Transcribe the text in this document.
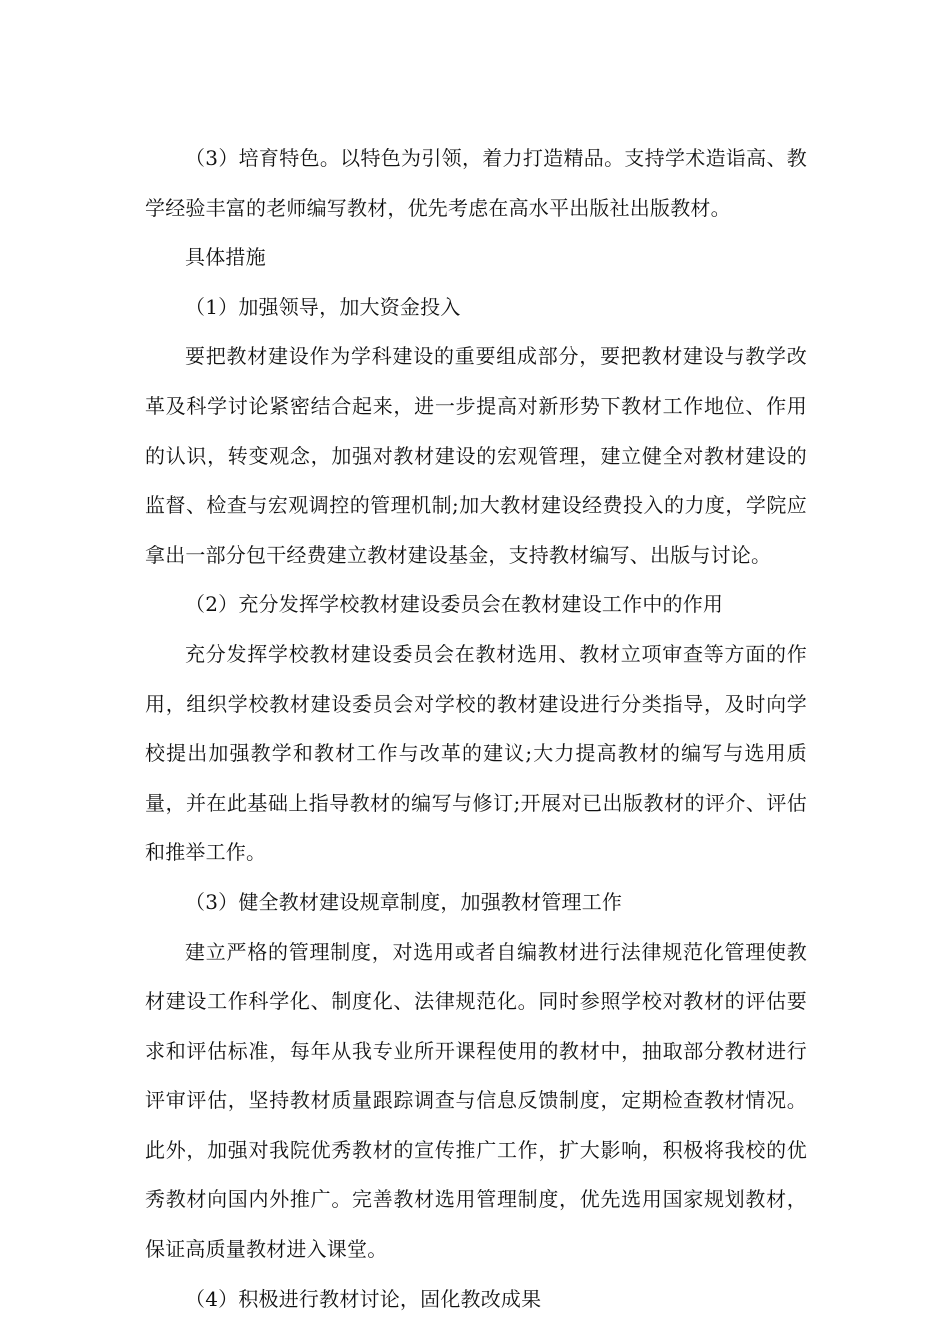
（3）培育特色。以特色为引领，着力打造精品。支持学术造诣高、教学经验丰富的老师编写教材，优先考虑在高水平出版社出版教材。

具体措施

（1）加强领导，加大资金投入

要把教材建设作为学科建设的重要组成部分，要把教材建设与教学改革及科学讨论紧密结合起来，进一步提高对新形势下教材工作地位、作用的认识，转变观念，加强对教材建设的宏观管理，建立健全对教材建设的监督、检查与宏观调控的管理机制;加大教材建设经费投入的力度，学院应拿出一部分包干经费建立教材建设基金，支持教材编写、出版与讨论。

（2）充分发挥学校教材建设委员会在教材建设工作中的作用

充分发挥学校教材建设委员会在教材选用、教材立项审查等方面的作用，组织学校教材建设委员会对学校的教材建设进行分类指导，及时向学校提出加强教学和教材工作与改革的建议;大力提高教材的编写与选用质量，并在此基础上指导教材的编写与修订;开展对已出版教材的评介、评估和推举工作。

（3）健全教材建设规章制度，加强教材管理工作

建立严格的管理制度，对选用或者自编教材进行法律规范化管理使教材建设工作科学化、制度化、法律规范化。同时参照学校对教材的评估要求和评估标准，每年从我专业所开课程使用的教材中，抽取部分教材进行评审评估，坚持教材质量跟踪调查与信息反馈制度，定期检查教材情况。此外，加强对我院优秀教材的宣传推广工作，扩大影响，积极将我校的优秀教材向国内外推广。完善教材选用管理制度，优先选用国家规划教材，保证高质量教材进入课堂。

（4）积极进行教材讨论，固化教改成果
